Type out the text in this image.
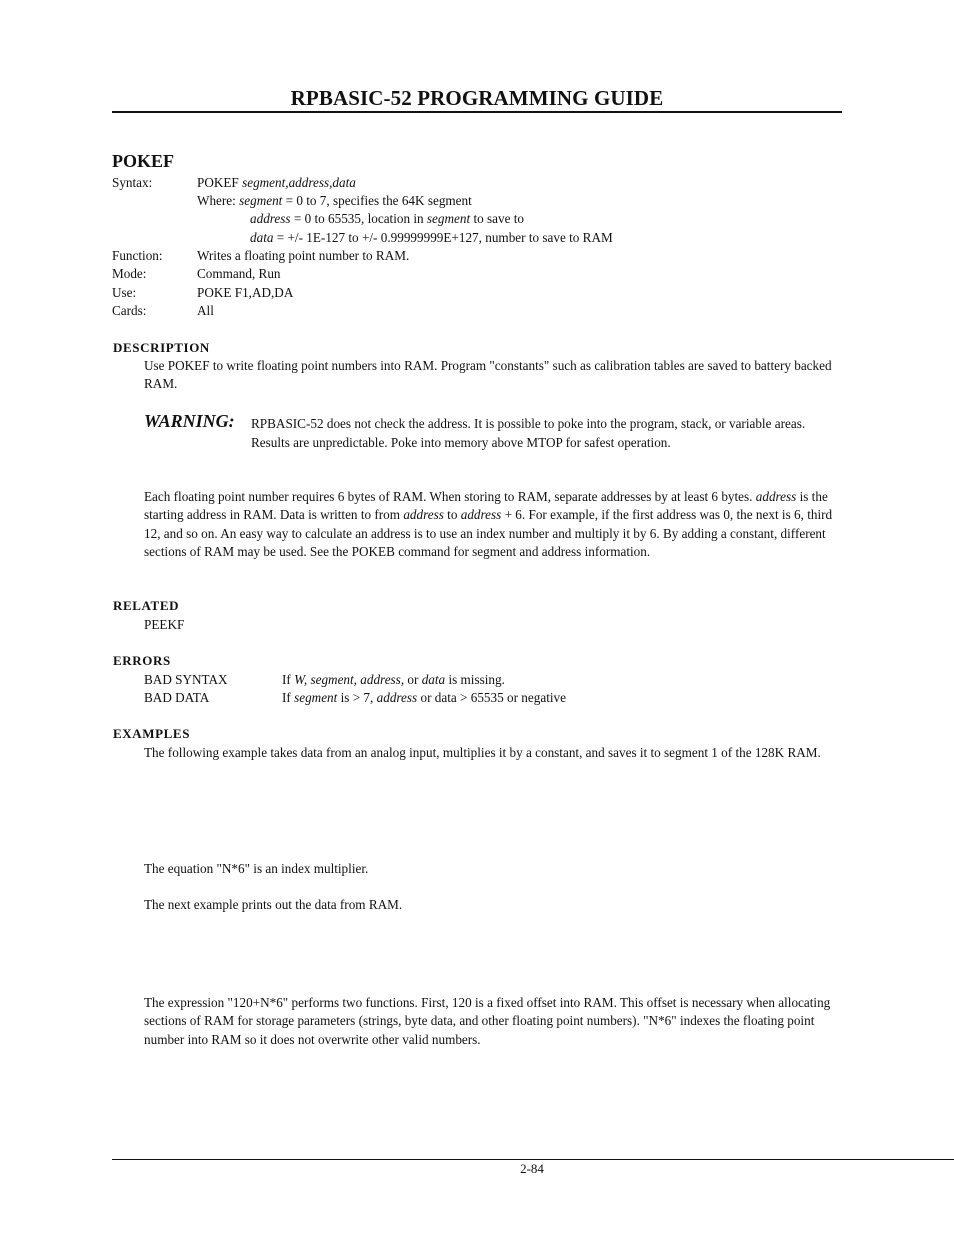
RPBASIC-52 PROGRAMMING GUIDE
POKEF
Syntax:	POKEF segment,address,data
Where: segment = 0 to 7, specifies the 64K segment
address = 0 to 65535, location in segment to save to
data = +/- 1E-127 to +/- 0.99999999E+127, number to save to RAM
Function:	Writes a floating point number to RAM.
Mode:	Command, Run
Use:	POKE F1,AD,DA
Cards:	All
DESCRIPTION
Use POKEF to write floating point numbers into RAM. Program "constants" such as calibration tables are saved to battery backed RAM.
WARNING: RPBASIC-52 does not check the address. It is possible to poke into the program, stack, or variable areas. Results are unpredictable. Poke into memory above MTOP for safest operation.
Each floating point number requires 6 bytes of RAM. When storing to RAM, separate addresses by at least 6 bytes. address is the starting address in RAM. Data is written to from address to address + 6. For example, if the first address was 0, the next is 6, third 12, and so on. An easy way to calculate an address is to use an index number and multiply it by 6. By adding a constant, different sections of RAM may be used. See the POKEB command for segment and address information.
RELATED
PEEKF
ERRORS
BAD SYNTAX	If W, segment, address, or data is missing.
BAD DATA	If segment is > 7, address or data > 65535 or negative
EXAMPLES
The following example takes data from an analog input, multiplies it by a constant, and saves it to segment 1 of the 128K RAM.
The equation "N*6" is an index multiplier.
The next example prints out the data from RAM.
The expression "120+N*6" performs two functions. First, 120 is a fixed offset into RAM. This offset is necessary when allocating sections of RAM for storage parameters (strings, byte data, and other floating point numbers). "N*6" indexes the floating point number into RAM so it does not overwrite other valid numbers.
2-84
